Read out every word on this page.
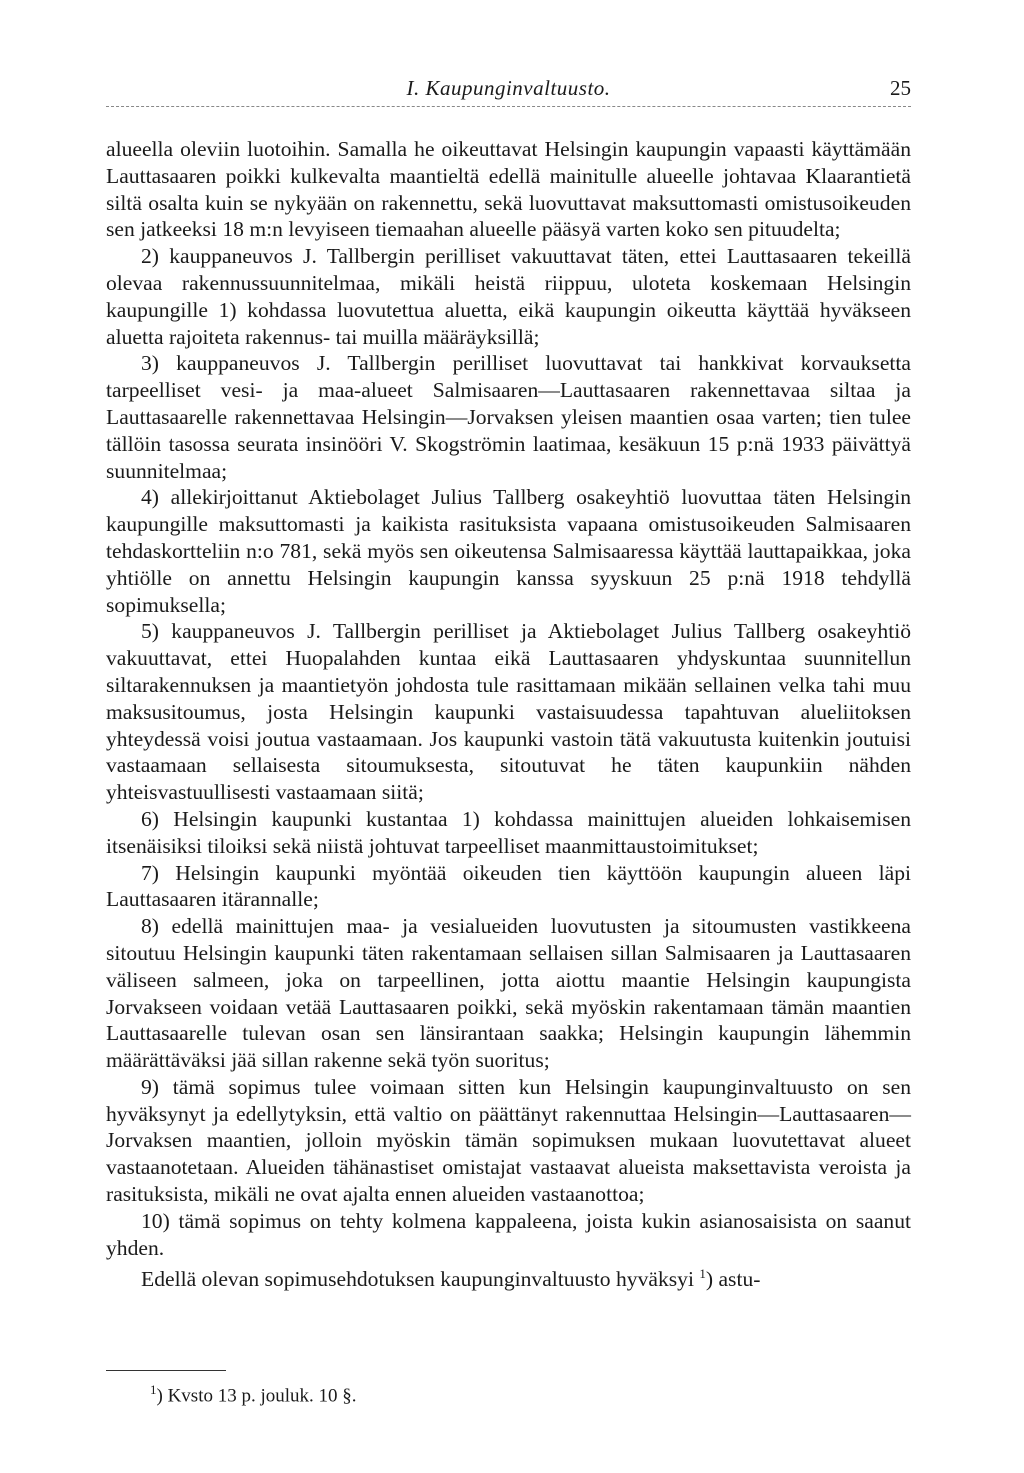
I. Kaupunginvaltuusto.	25

alueella oleviin luotoihin. Samalla he oikeuttavat Helsingin kaupungin vapaasti käyttämään Lauttasaaren poikki kulkevalta maantieltä edellä mainitulle alueelle johtavaa Klaarantietä siltä osalta kuin se nykyään on rakennettu, sekä luovuttavat maksuttomasti omistusoikeuden sen jatkeeksi 18 m:n levyiseen tiemaahan alueelle pääsyä varten koko sen pituudelta;

2) kauppaneuvos J. Tallbergin perilliset vakuuttavat täten, ettei Lauttasaaren tekeillä olevaa rakennussuunnitelmaa, mikäli heistä riippuu, uloteta koskemaan Helsingin kaupungille 1) kohdassa luovutettua aluetta, eikä kaupungin oikeutta käyttää hyväkseen aluetta rajoiteta rakennus- tai muilla määräyksillä;

3) kauppaneuvos J. Tallbergin perilliset luovuttavat tai hankkivat korvauksetta tarpeelliset vesi- ja maa-alueet Salmisaaren—Lauttasaaren rakennettavaa siltaa ja Lauttasaarelle rakennettavaa Helsingin—Jorvaksen yleisen maantien osaa varten; tien tulee tällöin tasossa seurata insinööri V. Skogströmin laatimaa, kesäkuun 15 p:nä 1933 päivättyä suunnitelmaa;

4) allekirjoittanut Aktiebolaget Julius Tallberg osakeyhtiö luovuttaa täten Helsingin kaupungille maksuttomasti ja kaikista rasituksista vapaana omistusoikeuden Salmisaaren tehdaskortteliin n:o 781, sekä myös sen oikeutensa Salmisaaressa käyttää lauttapaikkaa, joka yhtiölle on annettu Helsingin kaupungin kanssa syyskuun 25 p:nä 1918 tehdyllä sopimuksella;

5) kauppaneuvos J. Tallbergin perilliset ja Aktiebolaget Julius Tallberg osakeyhtiö vakuuttavat, ettei Huopalahden kuntaa eikä Lauttasaaren yhdyskuntaa suunnitellun siltarakennuksen ja maantietyön johdosta tule rasittamaan mikään sellainen velka tahi muu maksusitoumus, josta Helsingin kaupunki vastaisuudessa tapahtuvan alueliitoksen yhteydessä voisi joutua vastaamaan. Jos kaupunki vastoin tätä vakuutusta kuitenkin joutuisi vastaamaan sellaisesta sitoumuksesta, sitoutuvat he täten kaupunkiin nähden yhteisvastuullisesti vastaamaan siitä;

6) Helsingin kaupunki kustantaa 1) kohdassa mainittujen alueiden lohkaisemisen itsenäisiksi tiloiksi sekä niistä johtuvat tarpeelliset maanmittaustoimitukset;

7) Helsingin kaupunki myöntää oikeuden tien käyttöön kaupungin alueen läpi Lauttasaaren itärannalle;

8) edellä mainittujen maa- ja vesialueiden luovutusten ja sitoumusten vastikkeena sitoutuu Helsingin kaupunki täten rakentamaan sellaisen sillan Salmisaaren ja Lauttasaaren väliseen salmeen, joka on tarpeellinen, jotta aiottu maantie Helsingin kaupungista Jorvakseen voidaan vetää Lauttasaaren poikki, sekä myöskin rakentamaan tämän maantien Lauttasaarelle tulevan osan sen länsirantaan saakka; Helsingin kaupungin lähemmin määrättäväksi jää sillan rakenne sekä työn suoritus;

9) tämä sopimus tulee voimaan sitten kun Helsingin kaupunginvaltuusto on sen hyväksynyt ja edellytyksin, että valtio on päättänyt rakennuttaa Helsingin—Lauttasaaren—Jorvaksen maantien, jolloin myöskin tämän sopimuksen mukaan luovutettavat alueet vastaanotetaan. Alueiden tähänastiset omistajat vastaavat alueista maksettavista veroista ja rasituksista, mikäli ne ovat ajalta ennen alueiden vastaanottoa;

10) tämä sopimus on tehty kolmena kappaleena, joista kukin asianosaisista on saanut yhden.

Edellä olevan sopimusehdotuksen kaupunginvaltuusto hyväksyi $^1$) astu-

$^1$) Kvsto 13 p. jouluk. 10 §.
